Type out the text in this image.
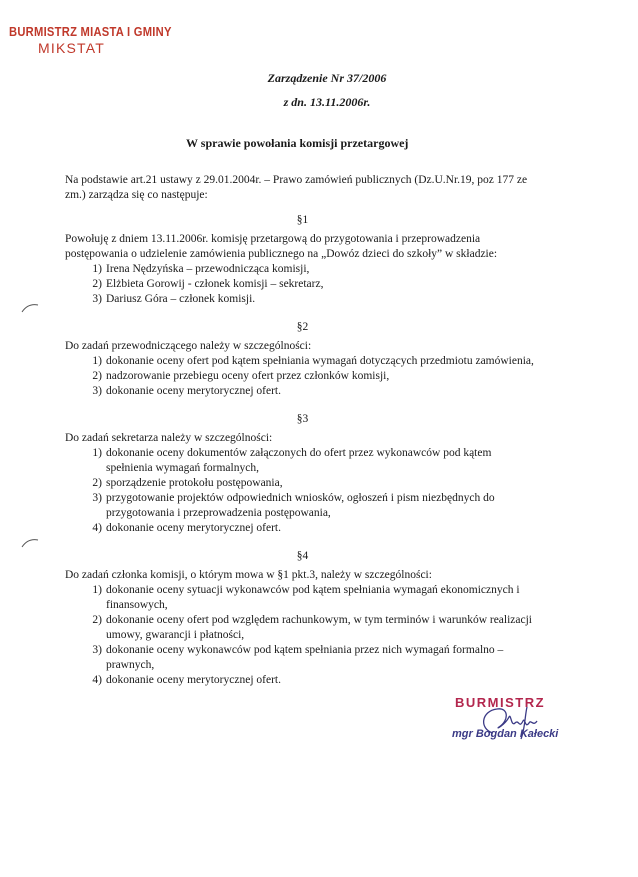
BURMISTRZ MIASTA I GMINY
MIKSTAT
Zarządzenie Nr 37/2006
z dn. 13.11.2006r.
W sprawie powołania komisji przetargowej

Na podstawie art.21 ustawy z 29.01.2004r. – Prawo zamówień publicznych (Dz.U.Nr.19, poz 177 ze zm.) zarządza się co następuje:

§1

Powołuję z dniem 13.11.2006r. komisję przetargową do przygotowania i przeprowadzenia postępowania o udzielenie zamówienia publicznego na „Dowóz dzieci do szkoły” w składzie:

1) Irena Nędzyńska – przewodnicząca komisji,
2) Elżbieta Gorowij - członek komisji – sekretarz,
3) Dariusz Góra – członek komisji.
§2

Do zadań przewodniczącego należy w szczególności:

1) dokonanie oceny ofert pod kątem spełniania wymagań dotyczących przedmiotu zamówienia,
2) nadzorowanie przebiegu oceny ofert przez członków komisji,
3) dokonanie oceny merytorycznej ofert.
§3

Do zadań sekretarza należy w szczególności:

1) dokonanie oceny dokumentów załączonych do ofert przez wykonawców pod kątem spełnienia wymagań formalnych,
2) sporządzenie protokołu postępowania,
3) przygotowanie projektów odpowiednich wniosków, ogłoszeń i pism niezbędnych do przygotowania i przeprowadzenia postępowania,
4) dokonanie oceny merytorycznej ofert.
§4

Do zadań członka komisji, o którym mowa w §1 pkt.3, należy w szczególności:

1) dokonanie oceny sytuacji wykonawców pod kątem spełniania wymagań ekonomicznych i finansowych,
2) dokonanie oceny ofert pod względem rachunkowym, w tym terminów i warunków realizacji umowy, gwarancji i płatności,
3) dokonanie oceny wykonawców pod kątem spełniania przez nich wymagań formalno – prawnych,
4) dokonanie oceny merytorycznej ofert.
BURMISTRZ
mgr Bogdan Kałecki
